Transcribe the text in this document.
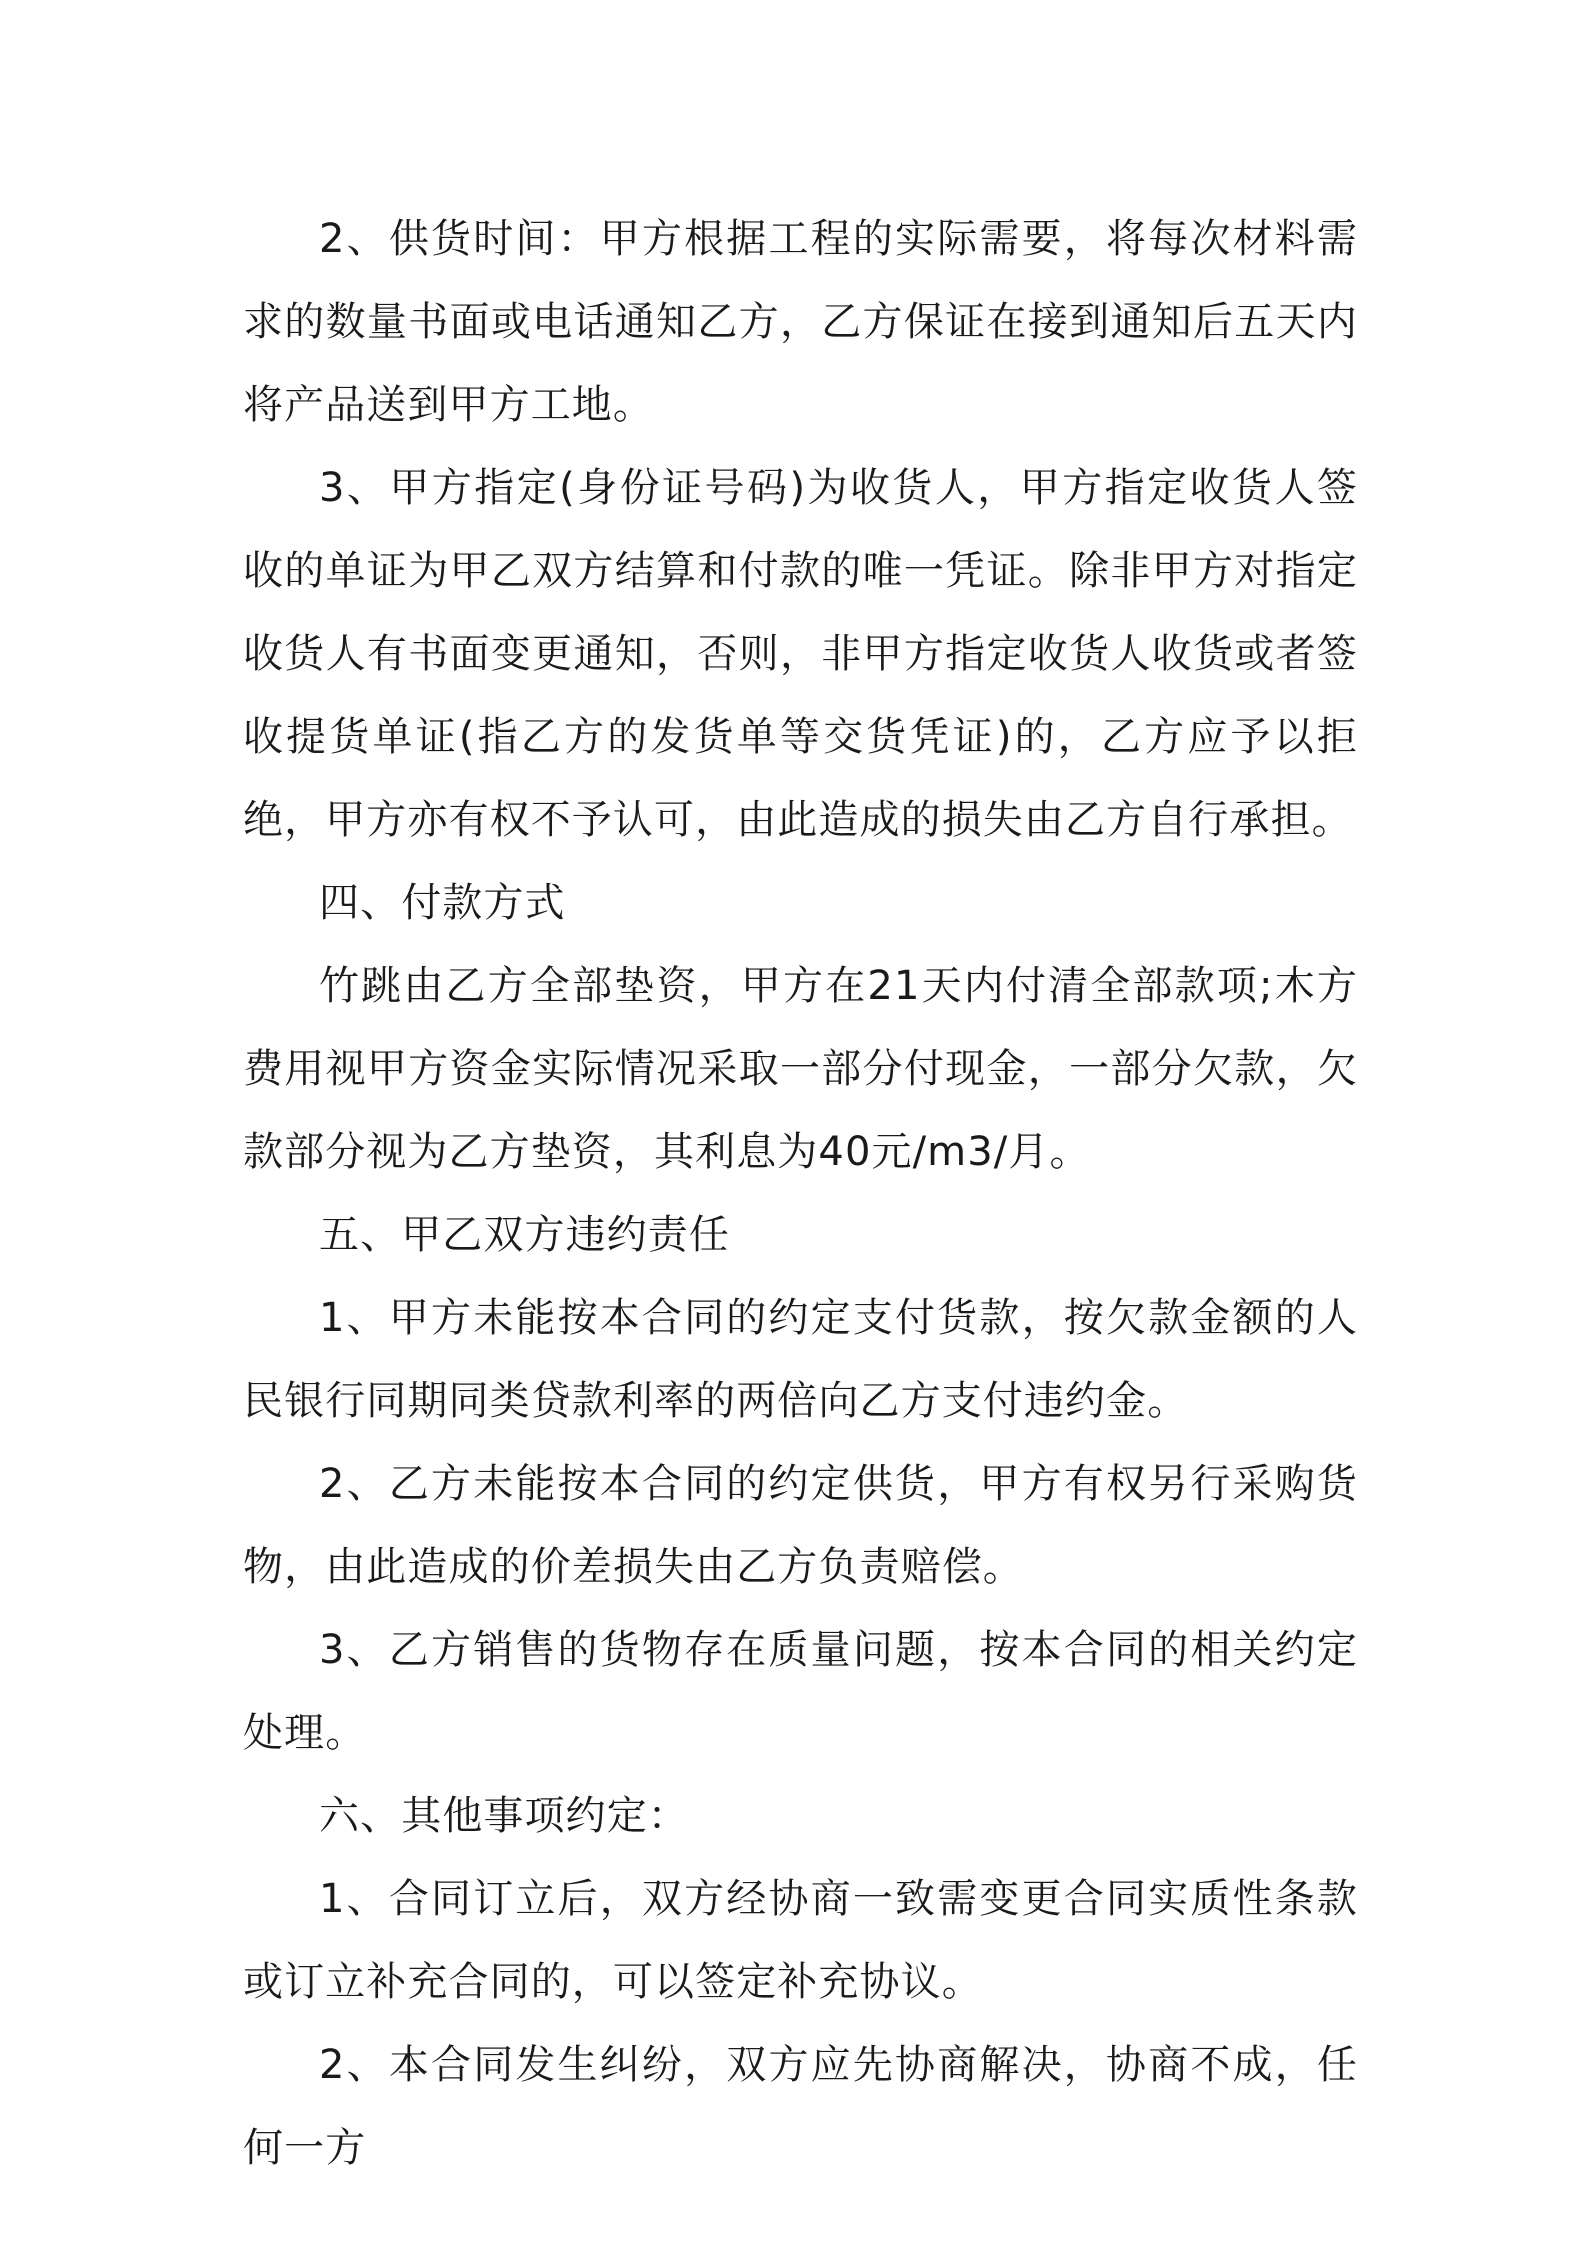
2、供货时间：甲方根据工程的实际需要，将每次材料需求的数量书面或电话通知乙方，乙方保证在接到通知后五天内将产品送到甲方工地。

3、甲方指定(身份证号码)为收货人，甲方指定收货人签收的单证为甲乙双方结算和付款的唯一凭证。除非甲方对指定收货人有书面变更通知，否则，非甲方指定收货人收货或者签收提货单证(指乙方的发货单等交货凭证)的，乙方应予以拒绝，甲方亦有权不予认可，由此造成的损失由乙方自行承担。

四、付款方式

竹跳由乙方全部垫资，甲方在21天内付清全部款项;木方费用视甲方资金实际情况采取一部分付现金，一部分欠款，欠款部分视为乙方垫资，其利息为40元/m3/月。

五、甲乙双方违约责任

1、甲方未能按本合同的约定支付货款，按欠款金额的人民银行同期同类贷款利率的两倍向乙方支付违约金。

2、乙方未能按本合同的约定供货，甲方有权另行采购货物，由此造成的价差损失由乙方负责赔偿。

3、乙方销售的货物存在质量问题，按本合同的相关约定处理。

六、其他事项约定：

1、合同订立后，双方经协商一致需变更合同实质性条款或订立补充合同的，可以签定补充协议。

2、本合同发生纠纷，双方应先协商解决，协商不成，任何一方
